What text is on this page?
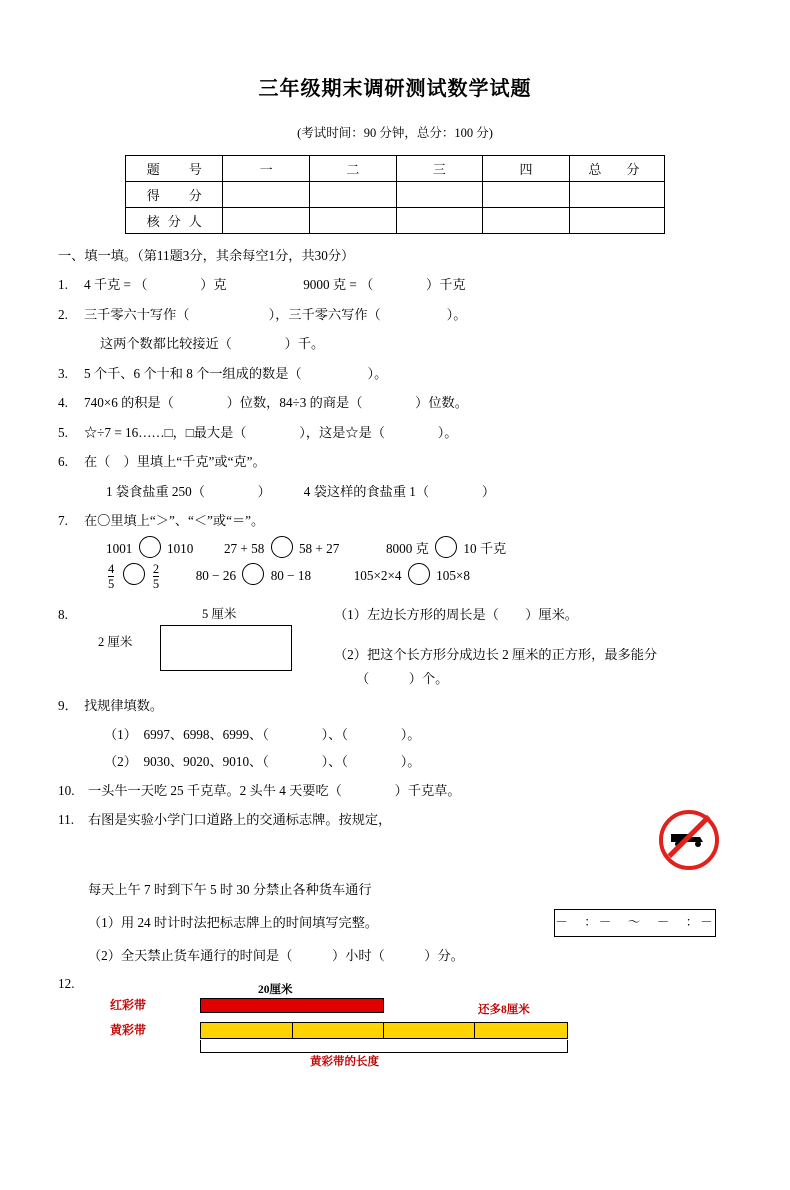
三年级期末调研测试数学试题
(考试时间：90 分钟，总分：100 分)
题　号	一	二	三	四	总　分
得　分					
核分人					
一、填一填。（第11题3分，其余每空1分，共30分）
1.	4 千克 = （　　　　）克	9000 克 = （　　　　）千克
2.	三千零六十写作（　　　　　　），三千零六写作（　　　　　）。
这两个数都比较接近（　　　　）千。
3.	5 个千、6 个十和 8 个一组成的数是（　　　　　）。
4.	740×6 的积是（　　　　）位数，84÷3 的商是（　　　　）位数。
5.	☆÷7 = 16……□，□最大是（　　　　），这是☆是（　　　　）。
6.	在（　）里填上“千克”或“克”。
1 袋食盐重 250（　　　　）　　　4 袋这样的食盐重 1（　　　　）
7.	在〇里填上“＞”、“＜”或“＝”。
1001	1010 27 + 58	58 + 27	8000 克	10 千克
$\frac{4}{5}$
	$\frac{2}{5}$	80 − 26	80 − 18	105×2×4	105×8
8.	5 厘米
2 厘米
（1）左边长方形的周长是（　　）厘米。
（2）把这个长方形分成边长 2 厘米的正方形，最多能分
（　　　）个。
9． 找规律填数。
（1）　6997、6998、6999、（　　　　）、（　　　　）。
（2）　9030、9020、9010、（　　　　）、（　　　　）。
10.	一头牛一天吃 25 千克草。2 头牛 4 天要吃（　　　　）千克草。
11.	右图是实验小学门口道路上的交通标志牌。按规定，
每天上午 7 时到下午 5 时 30 分禁止各种货车通行
（1）用 24 时计时法把标志牌上的时间填写完整。	－　：－　～　－　：－
（2）全天禁止货车通行的时间是（　　　）小时（　　　）分。
12.	20厘米
红彩带	还多8厘米
黄彩带
黄彩带的长度
